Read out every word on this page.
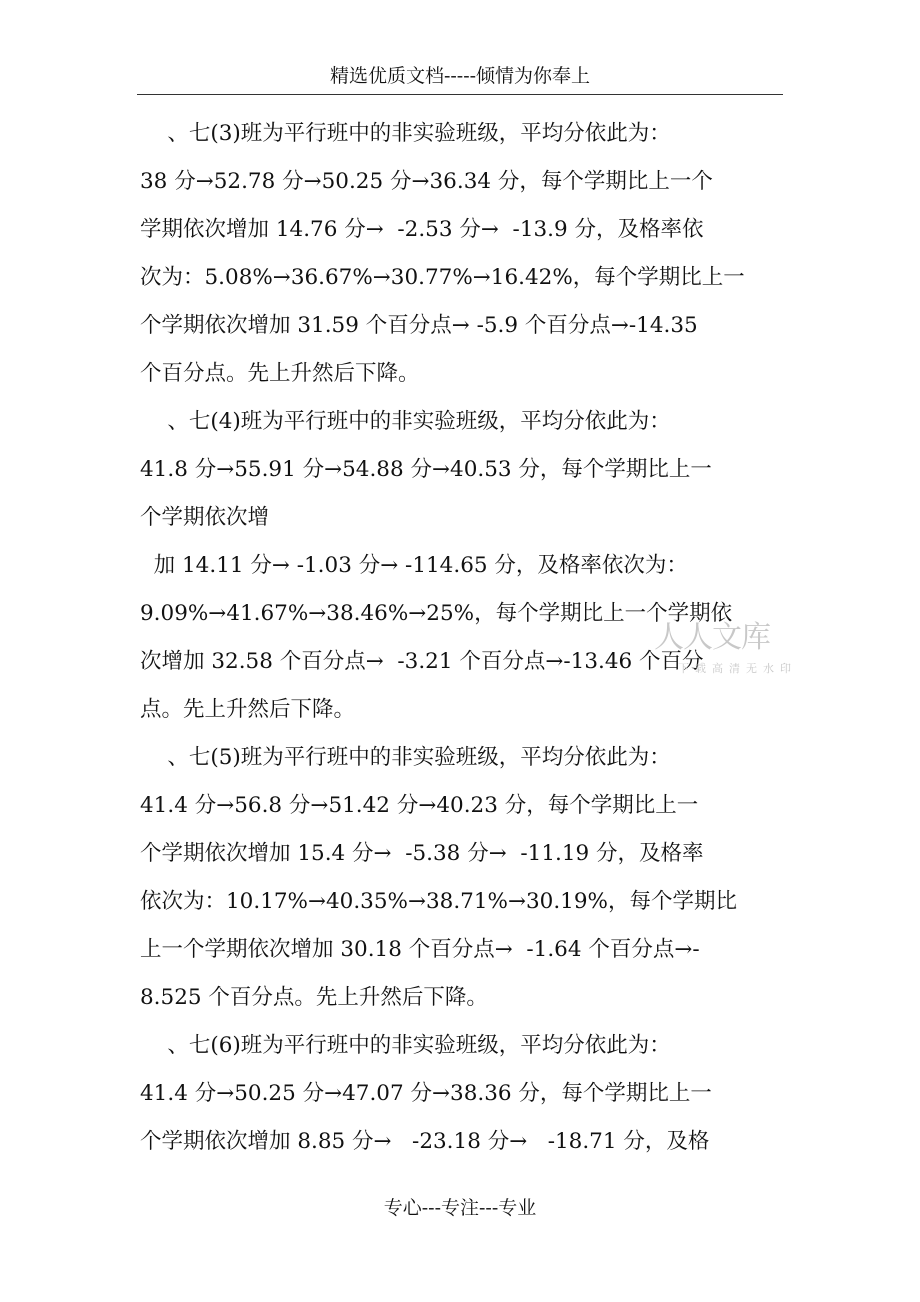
精选优质文档-----倾情为你奉上
、七(3)班为平行班中的非实验班级，平均分依此为：
38 分→52.78 分→50.25 分→36.34 分，每个学期比上一个
学期依次增加 14.76 分→  -2.53 分→  -13.9 分，及格率依
次为：5.08%→36.67%→30.77%→16.42%，每个学期比上一
个学期依次增加 31.59 个百分点→ -5.9 个百分点→-14.35
个百分点。先上升然后下降。
、七(4)班为平行班中的非实验班级，平均分依此为：
41.8 分→55.91 分→54.88 分→40.53 分，每个学期比上一
个学期依次增
加 14.11 分→ -1.03 分→ -114.65 分，及格率依次为：
9.09%→41.67%→38.46%→25%，每个学期比上一个学期依
次增加 32.58 个百分点→  -3.21 个百分点→-13.46 个百分
点。先上升然后下降。
、七(5)班为平行班中的非实验班级，平均分依此为：
41.4 分→56.8 分→51.42 分→40.23 分，每个学期比上一
个学期依次增加 15.4 分→  -5.38 分→  -11.19 分，及格率
依次为：10.17%→40.35%→38.71%→30.19%，每个学期比
上一个学期依次增加 30.18 个百分点→  -1.64 个百分点→-
8.525 个百分点。先上升然后下降。
、七(6)班为平行班中的非实验班级，平均分依此为：
41.4 分→50.25 分→47.07 分→38.36 分，每个学期比上一
个学期依次增加 8.85 分→   -23.18 分→   -18.71 分，及格
人人文库
下载高清无水印
专心---专注---专业
